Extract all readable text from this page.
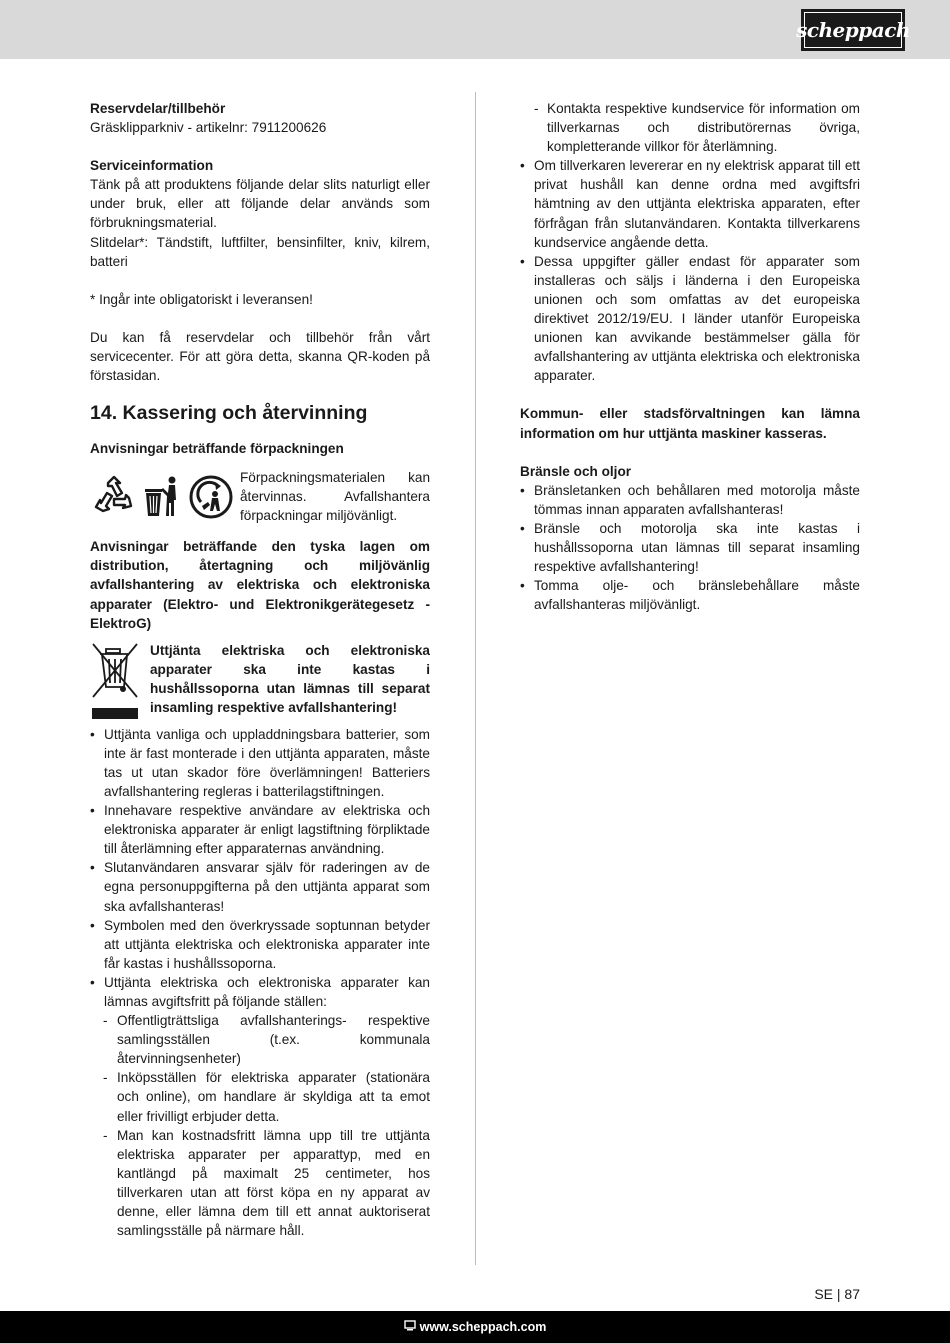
scheppach

Reservdelar/tillbehör

Gräsklipparkniv - artikelnr: 7911200626

Serviceinformation

Tänk på att produktens följande delar slits naturligt eller under bruk, eller att följande delar används som förbrukningsmaterial.

Slitdelar*: Tändstift, luftfilter, bensinfilter, kniv, kilrem, batteri

* Ingår inte obligatoriskt i leveransen!

Du kan få reservdelar och tillbehör från vårt servicecenter. För att göra detta, skanna QR-koden på förstasidan.

14. Kassering och återvinning

Anvisningar beträffande förpackningen

Förpackningsmaterialen kan återvinnas. Avfallshantera förpackningar miljövänligt.

Anvisningar beträffande den tyska lagen om distribution, återtagning och miljövänlig avfallshantering av elektriska och elektroniska apparater (Elektro- und Elektronikgerätegesetz - ElektroG)

Uttjänta elektriska och elektroniska apparater ska inte kastas i hushållssoporna utan lämnas till separat insamling respektive avfallshantering!

• Uttjänta vanliga och uppladdningsbara batterier, som inte är fast monterade i den uttjänta apparaten, måste tas ut utan skador före överlämningen! Batteriers avfallshantering regleras i batterilagstiftningen.
• Innehavare respektive användare av elektriska och elektroniska apparater är enligt lagstiftning förpliktade till återlämning efter apparaternas användning.
• Slutanvändaren ansvarar själv för raderingen av de egna personuppgifterna på den uttjänta apparat som ska avfallshanteras!
• Symbolen med den överkryssade soptunnan betyder att uttjänta elektriska och elektroniska apparater inte får kastas i hushållssoporna.
• Uttjänta elektriska och elektroniska apparater kan lämnas avgiftsfritt på följande ställen:
- Offentligträttsliga avfallshanterings- respektive samlingsställen (t.ex. kommunala återvinningsenheter)
- Inköpsställen för elektriska apparater (stationära och online), om handlare är skyldiga att ta emot eller frivilligt erbjuder detta.
- Man kan kostnadsfritt lämna upp till tre uttjänta elektriska apparater per apparattyp, med en kantlängd på maximalt 25 centimeter, hos tillverkaren utan att först köpa en ny apparat av denne, eller lämna dem till ett annat auktoriserat samlingsställe på närmare håll.
- Kontakta respektive kundservice för information om tillverkarnas och distributörernas övriga, kompletterande villkor för återlämning.
• Om tillverkaren levererar en ny elektrisk apparat till ett privat hushåll kan denne ordna med avgiftsfri hämtning av den uttjänta elektriska apparaten, efter förfrågan från slutanvändaren. Kontakta tillverkarens kundservice angående detta.
• Dessa uppgifter gäller endast för apparater som installeras och säljs i länderna i den Europeiska unionen och som omfattas av det europeiska direktivet 2012/19/EU. I länder utanför Europeiska unionen kan avvikande bestämmelser gälla för avfallshantering av uttjänta elektriska och elektroniska apparater.

Kommun- eller stadsförvaltningen kan lämna information om hur uttjänta maskiner kasseras.

Bränsle och oljor

• Bränsletanken och behållaren med motorolja måste tömmas innan apparaten avfallshanteras!
• Bränsle och motorolja ska inte kastas i hushållssoporna utan lämnas till separat insamling respektive avfallshantering!
• Tomma olje- och bränslebehållare måste avfallshanteras miljövänligt.
SE | 87
www.scheppach.com
